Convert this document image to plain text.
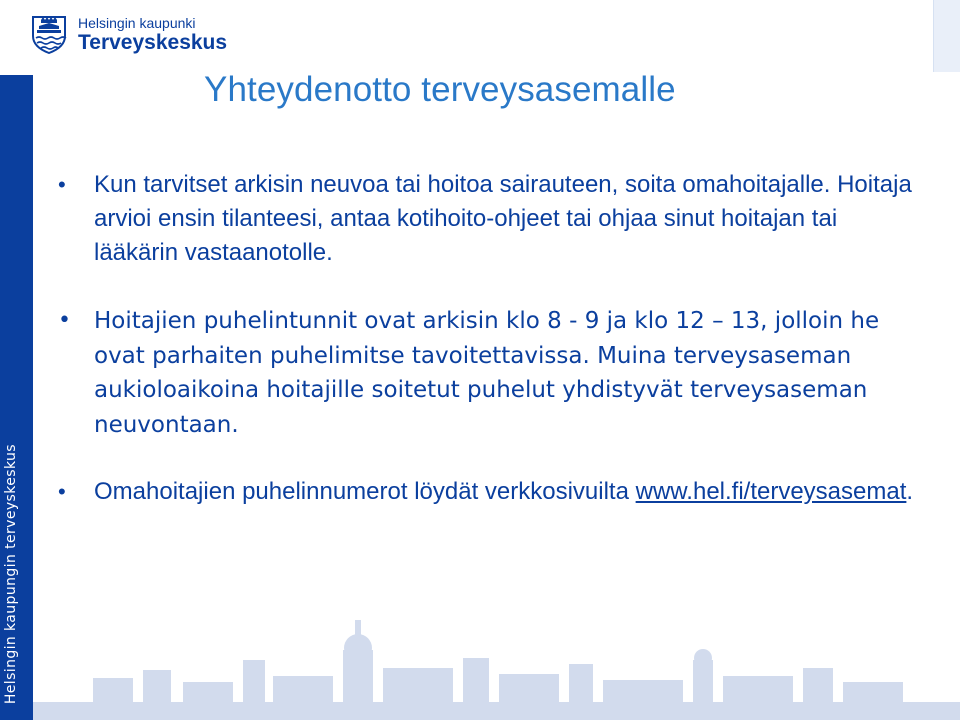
Helsingin kaupunki
Terveyskeskus
Helsingin kaupungin terveyskeskus
Yhteydenotto terveysasemalle
• Kun tarvitset arkisin neuvoa tai hoitoa sairauteen, soita omahoitajalle. Hoitaja arvioi ensin tilanteesi, antaa kotihoito-ohjeet tai ohjaa sinut hoitajan tai lääkärin vastaanotolle.
• Hoitajien puhelintunnit ovat arkisin klo 8 - 9 ja klo 12 – 13, jolloin he ovat parhaiten puhelimitse tavoitettavissa. Muina terveysaseman aukioloaikoina hoitajille soitetut puhelut yhdistyvät terveysaseman neuvontaan.
• Omahoitajien puhelinnumerot löydät verkkosivuilta www.hel.fi/terveysasemat.
